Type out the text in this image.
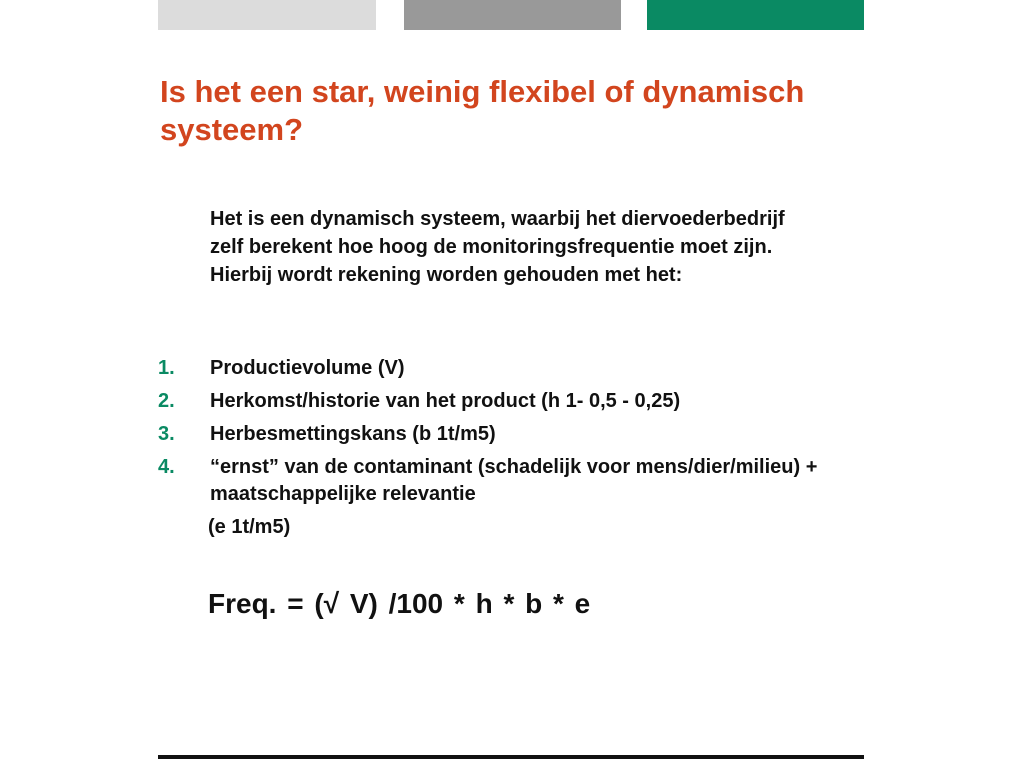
Is het een star, weinig flexibel of dynamisch systeem?

Het is een dynamisch systeem, waarbij het diervoederbedrijf zelf berekent hoe hoog de monitoringsfrequentie moet zijn. Hierbij wordt rekening worden gehouden met het:

1. Productievolume (V)
2. Herkomst/historie van het product (h 1- 0,5 - 0,25)
3. Herbesmettingskans (b 1t/m5)
4. “ernst” van de contaminant (schadelijk voor mens/dier/milieu) + maatschappelijke relevantie
(e 1t/m5)
Freq. = (√ V) /100 * h * b * e
